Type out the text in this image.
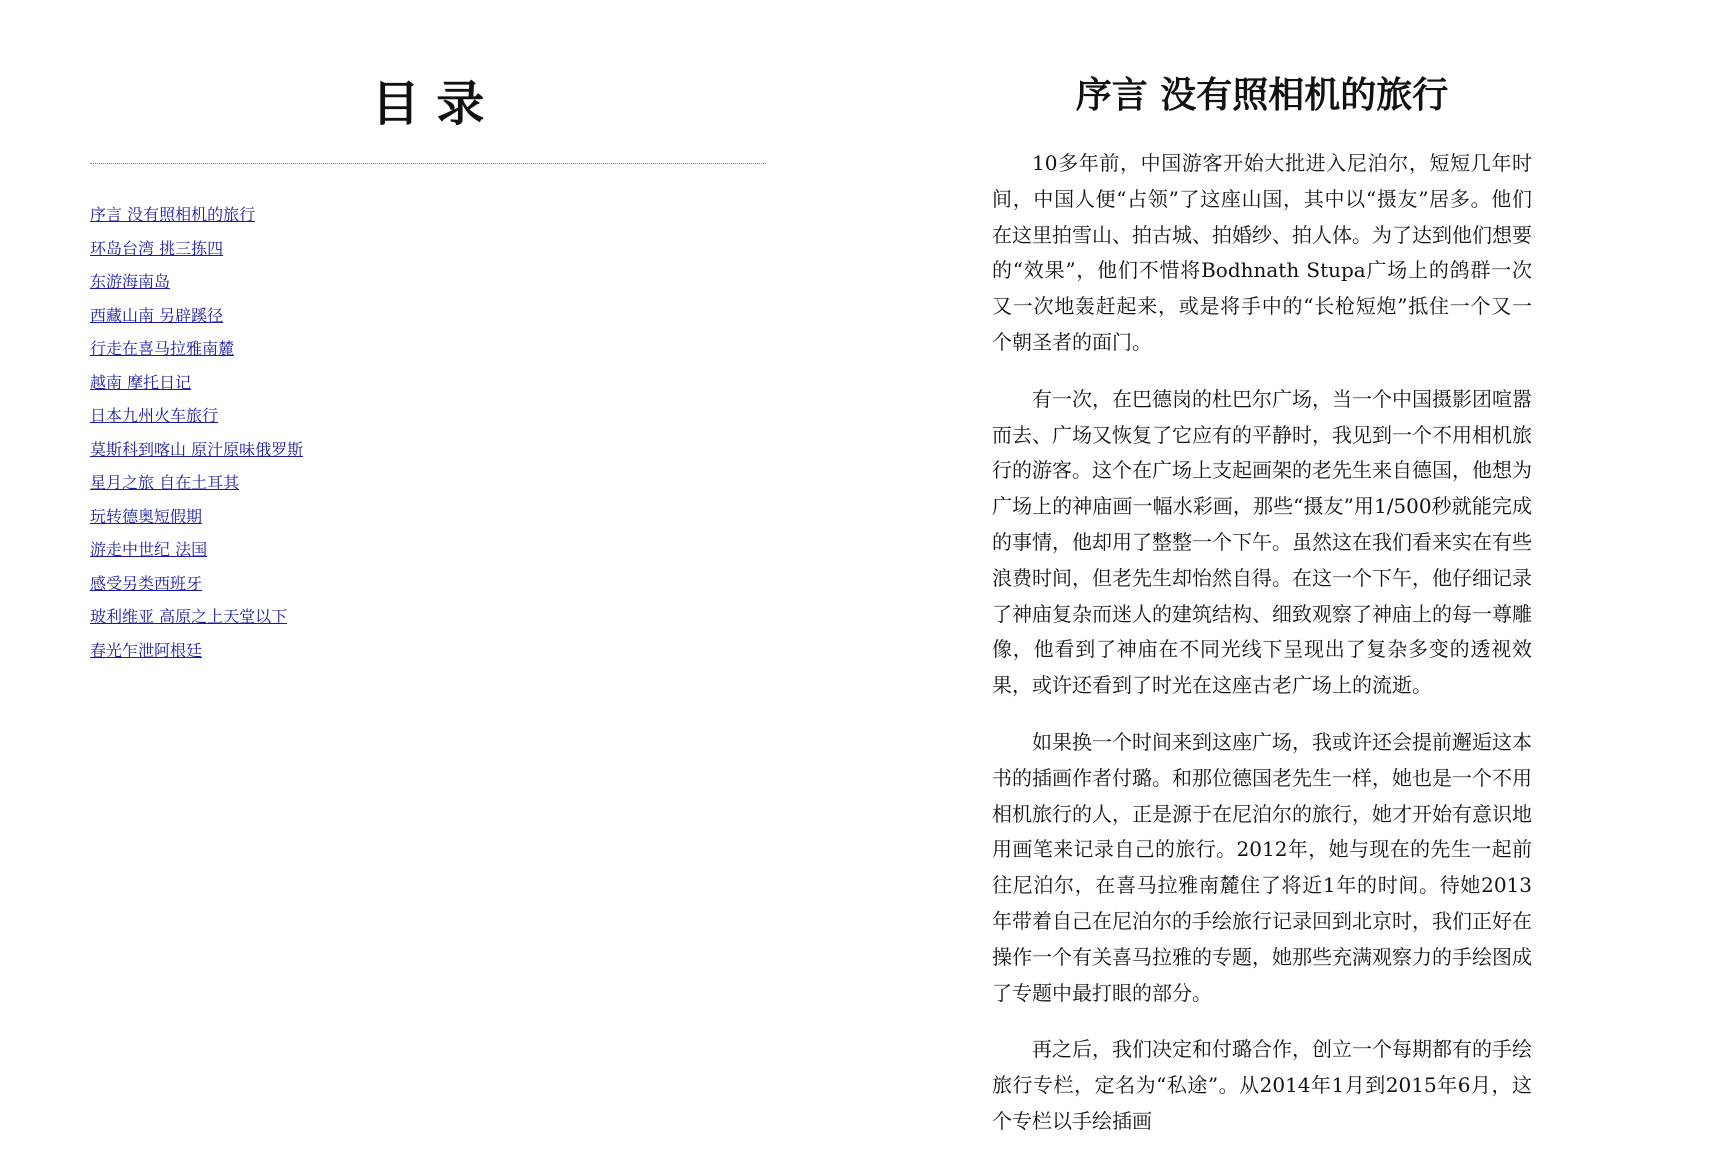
目 录
序言 没有照相机的旅行
环岛台湾 挑三拣四
东游海南岛
西藏山南 另辟蹊径
行走在喜马拉雅南麓
越南 摩托日记
日本九州火车旅行
莫斯科到喀山 原汁原味俄罗斯
星月之旅 自在土耳其
玩转德奥短假期
游走中世纪 法国
感受另类西班牙
玻利维亚 高原之上天堂以下
春光乍泄阿根廷
序言 没有照相机的旅行

10多年前，中国游客开始大批进入尼泊尔，短短几年时间，中国人便“占领”了这座山国，其中以“摄友”居多。他们在这里拍雪山、拍古城、拍婚纱、拍人体。为了达到他们想要的“效果”，他们不惜将Bodhnath Stupa广场上的鸽群一次又一次地轰赶起来，或是将手中的“长枪短炮”抵住一个又一个朝圣者的面门。

有一次，在巴德岗的杜巴尔广场，当一个中国摄影团喧嚣而去、广场又恢复了它应有的平静时，我见到一个不用相机旅行的游客。这个在广场上支起画架的老先生来自德国，他想为广场上的神庙画一幅水彩画，那些“摄友”用1/500秒就能完成的事情，他却用了整整一个下午。虽然这在我们看来实在有些浪费时间，但老先生却怡然自得。在这一个下午，他仔细记录了神庙复杂而迷人的建筑结构、细致观察了神庙上的每一尊雕像，他看到了神庙在不同光线下呈现出了复杂多变的透视效果，或许还看到了时光在这座古老广场上的流逝。

如果换一个时间来到这座广场，我或许还会提前邂逅这本书的插画作者付璐。和那位德国老先生一样，她也是一个不用相机旅行的人，正是源于在尼泊尔的旅行，她才开始有意识地用画笔来记录自己的旅行。2012年，她与现在的先生一起前往尼泊尔，在喜马拉雅南麓住了将近1年的时间。待她2013年带着自己在尼泊尔的手绘旅行记录回到北京时，我们正好在操作一个有关喜马拉雅的专题，她那些充满观察力的手绘图成了专题中最打眼的部分。

再之后，我们决定和付璐合作，创立一个每期都有的手绘旅行专栏，定名为“私途”。从2014年1月到2015年6月，这个专栏以手绘插画
